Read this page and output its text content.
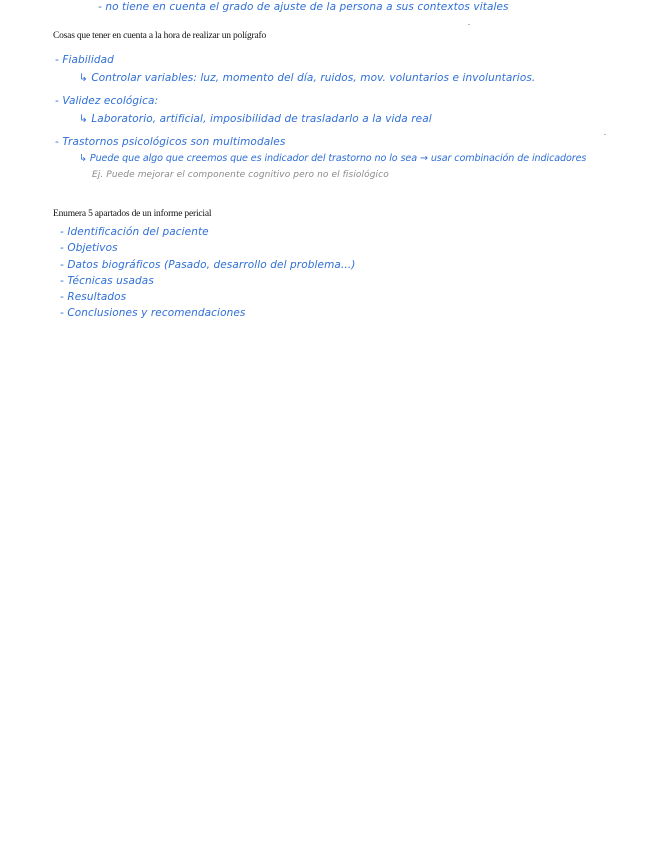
- no tiene en cuenta el grado de ajuste de la persona a sus contextos vitales
Cosas que tener en cuenta a la hora de realizar un polígrafo
- Fiabilidad
↳ Controlar variables: luz, momento del día, ruidos, mov. voluntarios e involuntarios.
- Validez ecológica:
↳ Laboratorio, artificial, imposibilidad de trasladarlo a la vida real
- Trastornos psicológicos son multimodales
↳ Puede que algo que creemos que es indicador del trastorno no lo sea → usar combinación de indicadores
Ej. Puede mejorar el componente cognitivo pero no el fisiológico
Enumera 5 apartados de un informe pericial
- Identificación del paciente
- Objetivos
- Datos biográficos (Pasado, desarrollo del problema...)
- Técnicas usadas
- Resultados
- Conclusiones y recomendaciones
